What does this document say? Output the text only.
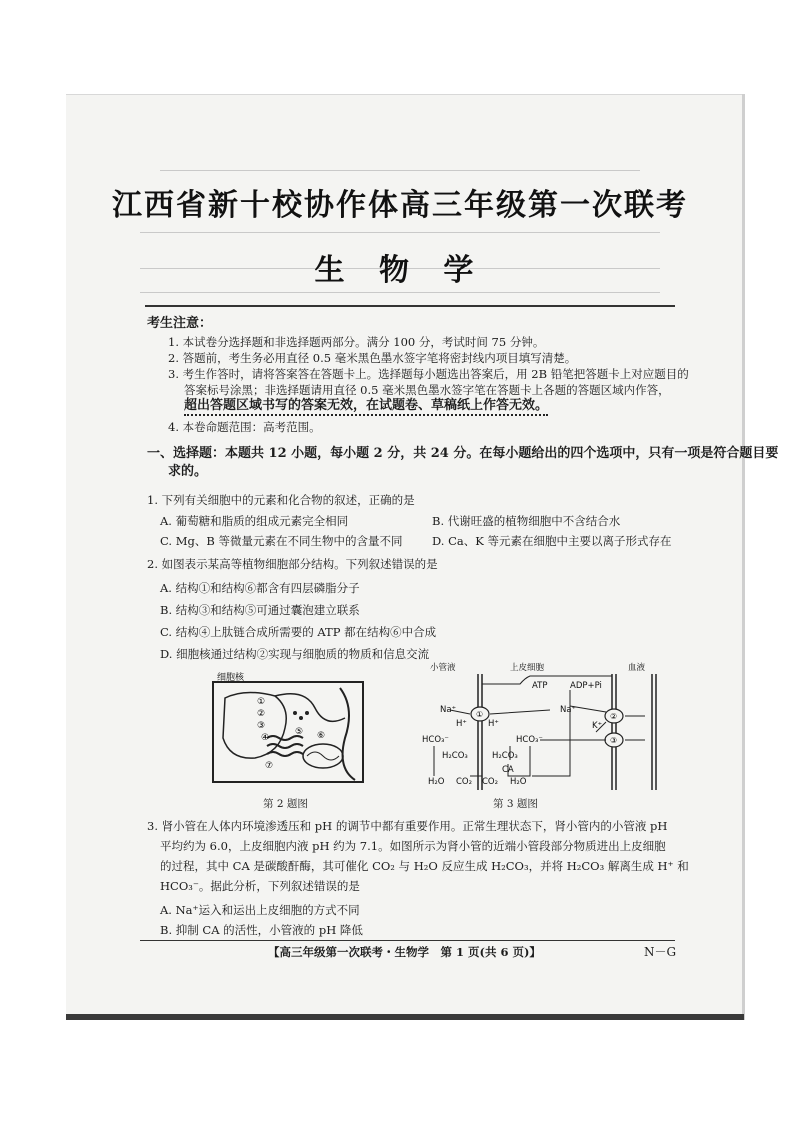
江西省新十校协作体高三年级第一次联考
生 物 学
考生注意：
1. 本试卷分选择题和非选择题两部分。满分 100 分，考试时间 75 分钟。
2. 答题前，考生务必用直径 0.5 毫米黑色墨水签字笔将密封线内项目填写清楚。
3. 考生作答时，请将答案答在答题卡上。选择题每小题选出答案后，用 2B 铅笔把答题卡上对应题目的
答案标号涂黑；非选择题请用直径 0.5 毫米黑色墨水签字笔在答题卡上各题的答题区域内作答，
超出答题区域书写的答案无效，在试题卷、草稿纸上作答无效。
4. 本卷命题范围：高考范围。
一、选择题：本题共 12 小题，每小题 2 分，共 24 分。在每小题给出的四个选项中，只有一项是符合题目要
求的。
1. 下列有关细胞中的元素和化合物的叙述，正确的是
A. 葡萄糖和脂质的组成元素完全相同	B. 代谢旺盛的植物细胞中不含结合水
C. Mg、B 等微量元素在不同生物中的含量不同	D. Ca、K 等元素在细胞中主要以离子形式存在
2. 如图表示某高等植物细胞部分结构。下列叙述错误的是
A. 结构①和结构⑥都含有四层磷脂分子
B. 结构③和结构⑤可通过囊泡建立联系
C. 结构④上肽链合成所需要的 ATP 都在结构⑥中合成
D. 细胞核通过结构②实现与细胞质的物质和信息交流
细胞核
①
②
③
④
⑤ ⑥
⑦
第 2 题图
小管液	上皮细胞	血液
ATP	ADP+Pi
Na⁺
H⁺ H⁺
Na⁺
K⁺
HCO₃⁻	HCO₃⁻
H₂CO₃	H₂CO₃
CA
H₂O CO₂ CO₂ H₂O
①	②
③
第 3 题图
3. 肾小管在人体内环境渗透压和 pH 的调节中都有重要作用。正常生理状态下，肾小管内的小管液 pH
平均约为 6.0，上皮细胞内液 pH 约为 7.1。如图所示为肾小管的近端小管段部分物质进出上皮细胞
的过程，其中 CA 是碳酸酐酶，其可催化 CO₂ 与 H₂O 反应生成 H₂CO₃，并将 H₂CO₃ 解离生成 H⁺ 和
HCO₃⁻。据此分析，下列叙述错误的是
A. Na⁺运入和运出上皮细胞的方式不同
B. 抑制 CA 的活性，小管液的 pH 降低
【高三年级第一次联考・生物学　第 1 页(共 6 页)】	N－G
